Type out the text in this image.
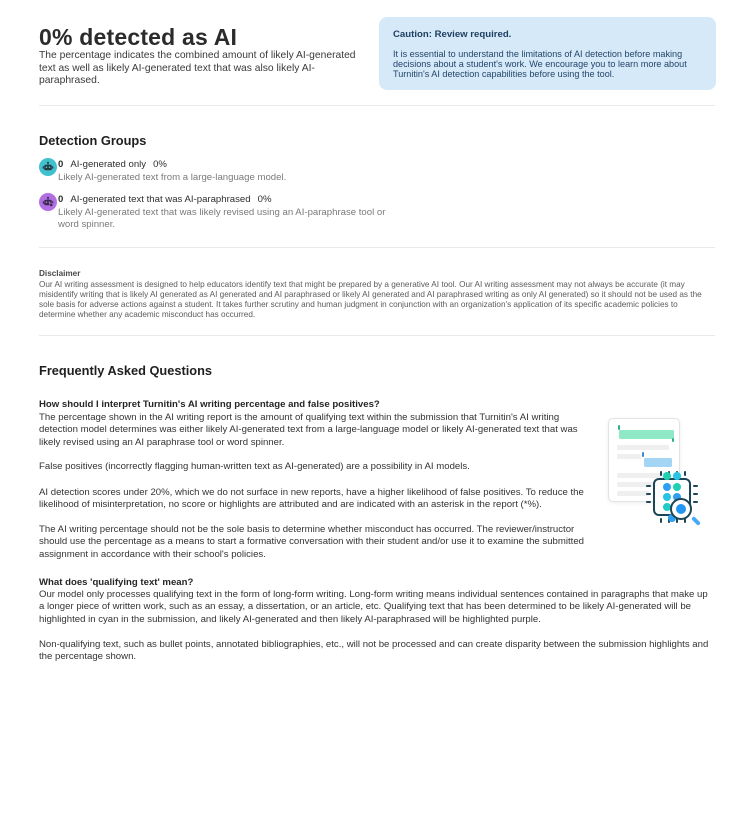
0% detected as AI
The percentage indicates the combined amount of likely AI-generated text as well as likely AI-generated text that was also likely AI-paraphrased.
Caution: Review required.
It is essential to understand the limitations of AI detection before making decisions about a student's work. We encourage you to learn more about Turnitin's AI detection capabilities before using the tool.
Detection Groups
0 AI-generated only 0%
Likely AI-generated text from a large-language model.
0 AI-generated text that was AI-paraphrased 0%
Likely AI-generated text that was likely revised using an AI-paraphrase tool or word spinner.
Disclaimer
Our AI writing assessment is designed to help educators identify text that might be prepared by a generative AI tool. Our AI writing assessment may not always be accurate (it may misidentify writing that is likely AI generated as AI generated and AI paraphrased or likely AI generated and AI paraphrased writing as only AI generated) so it should not be used as the sole basis for adverse actions against a student. It takes further scrutiny and human judgment in conjunction with an organization's application of its specific academic policies to determine whether any academic misconduct has occurred.
Frequently Asked Questions
How should I interpret Turnitin's AI writing percentage and false positives?
The percentage shown in the AI writing report is the amount of qualifying text within the submission that Turnitin's AI writing detection model determines was either likely AI-generated text from a large-language model or likely AI-generated text that was likely revised using an AI paraphrase tool or word spinner.
False positives (incorrectly flagging human-written text as AI-generated) are a possibility in AI models.
AI detection scores under 20%, which we do not surface in new reports, have a higher likelihood of false positives. To reduce the likelihood of misinterpretation, no score or highlights are attributed and are indicated with an asterisk in the report (*%).
The AI writing percentage should not be the sole basis to determine whether misconduct has occurred. The reviewer/instructor should use the percentage as a means to start a formative conversation with their student and/or use it to examine the submitted assignment in accordance with their school's policies.
What does 'qualifying text' mean?
Our model only processes qualifying text in the form of long-form writing. Long-form writing means individual sentences contained in paragraphs that make up a longer piece of written work, such as an essay, a dissertation, or an article, etc. Qualifying text that has been determined to be likely AI-generated will be highlighted in cyan in the submission, and likely AI-generated and then likely AI-paraphrased will be highlighted purple.
Non-qualifying text, such as bullet points, annotated bibliographies, etc., will not be processed and can create disparity between the submission highlights and the percentage shown.
